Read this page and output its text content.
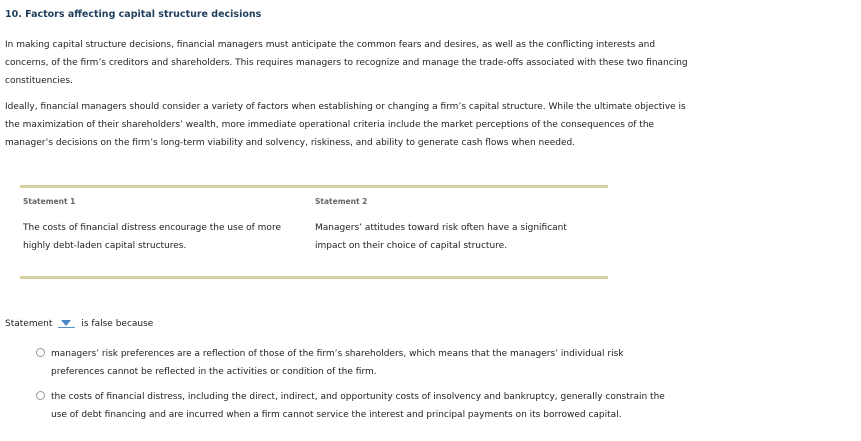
10. Factors affecting capital structure decisions
In making capital structure decisions, financial managers must anticipate the common fears and desires, as well as the conflicting interests and
concerns, of the firm’s creditors and shareholders. This requires managers to recognize and manage the trade-offs associated with these two financing
constituencies.
Ideally, financial managers should consider a variety of factors when establishing or changing a firm’s capital structure. While the ultimate objective is
the maximization of their shareholders’ wealth, more immediate operational criteria include the market perceptions of the consequences of the
manager’s decisions on the firm’s long-term viability and solvency, riskiness, and ability to generate cash flows when needed.
Statement 1	Statement 2
The costs of financial distress encourage the use of more
highly debt-laden capital structures.
Managers’ attitudes toward risk often have a significant
impact on their choice of capital structure.
Statement	is false because
managers’ risk preferences are a reflection of those of the firm’s shareholders, which means that the managers’ individual risk
preferences cannot be reflected in the activities or condition of the firm.
the costs of financial distress, including the direct, indirect, and opportunity costs of insolvency and bankruptcy, generally constrain the
use of debt financing and are incurred when a firm cannot service the interest and principal payments on its borrowed capital.
